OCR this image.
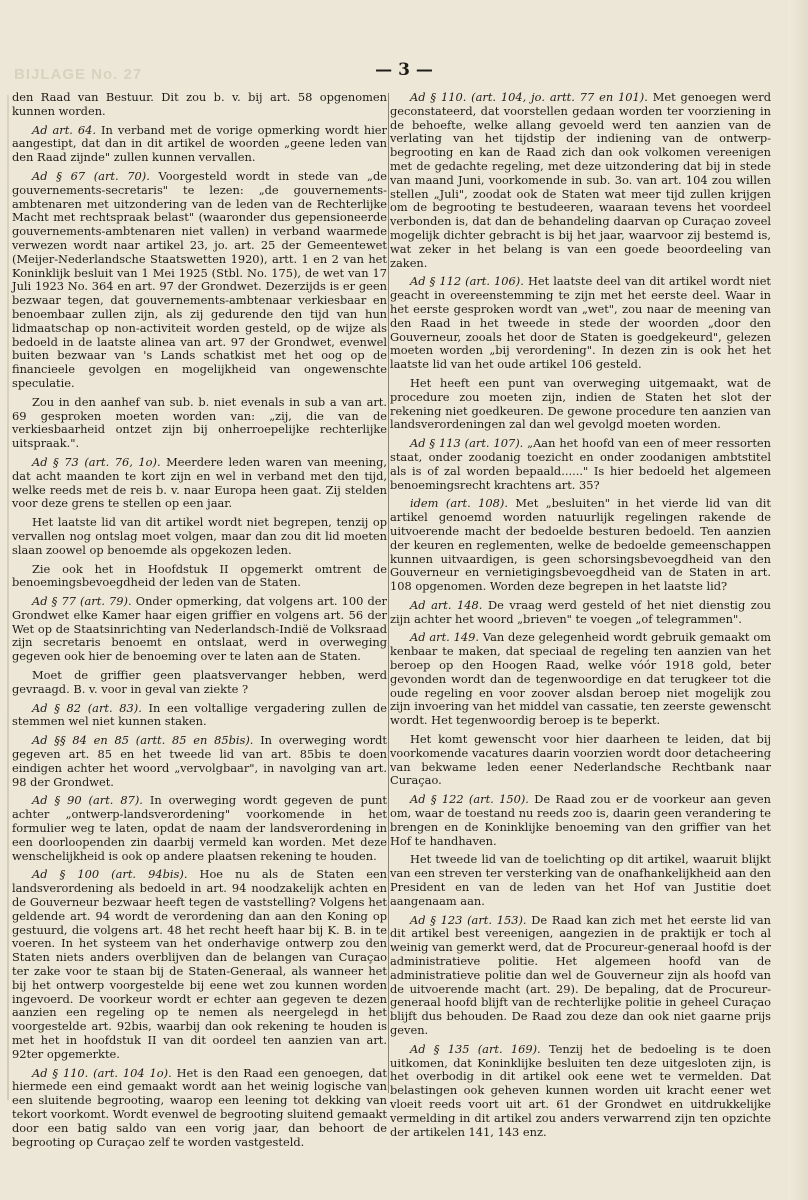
BIJLAGE No. 27	— 3 —

den Raad van Bestuur. Dit zou b. v. bij art. 58 opgenomen kunnen worden.

Ad art. 64. In verband met de vorige opmerking wordt hier aangestipt, dat dan in dit artikel de woorden „geene leden van den Raad zijnde" zullen kunnen vervallen.

Ad § 67 (art. 70). Voorgesteld wordt in stede van „de gouvernements-secretaris" te lezen: „de gouvernements-ambtenaren met uitzondering van de leden van de Rechterlijke Macht met rechtspraak belast" (waaronder dus gepensioneerde gouvernements-ambtenaren niet vallen) in verband waarmede verwezen wordt naar artikel 23, jo. art. 25 der Gemeentewet (Meijer-Nederlandsche Staatswetten 1920), artt. 1 en 2 van het Koninklijk besluit van 1 Mei 1925 (Stbl. No. 175), de wet van 17 Juli 1923 No. 364 en art. 97 der Grondwet. Dezerzijds is er geen bezwaar tegen, dat gouvernements-ambtenaar verkiesbaar en benoembaar zullen zijn, als zij gedurende den tijd van hun lidmaatschap op non-activiteit worden gesteld, op de wijze als bedoeld in de laatste alinea van art. 97 der Grondwet, evenwel buiten bezwaar van 's Lands schatkist met het oog op de financieele gevolgen en mogelijkheid van ongewenschte speculatie.

Zou in den aanhef van sub. b. niet evenals in sub a van art. 69 gesproken moeten worden van: „zij, die van de verkiesbaarheid ontzet zijn bij onherroepelijke rechterlijke uitspraak.".

Ad § 73 (art. 76, 1o). Meerdere leden waren van meening, dat acht maanden te kort zijn en wel in verband met den tijd, welke reeds met de reis b. v. naar Europa heen gaat. Zij stelden voor deze grens te stellen op een jaar.

Het laatste lid van dit artikel wordt niet begrepen, tenzij op vervallen nog ontslag moet volgen, maar dan zou dit lid moeten slaan zoowel op benoemde als opgekozen leden.

Zie ook het in Hoofdstuk II opgemerkt omtrent de benoemingsbevoegdheid der leden van de Staten.

Ad § 77 (art. 79). Onder opmerking, dat volgens art. 100 der Grondwet elke Kamer haar eigen griffier en volgens art. 56 der Wet op de Staatsinrichting van Nederlandsch-Indië de Volksraad zijn secretaris benoemt en ontslaat, werd in overweging gegeven ook hier de benoeming over te laten aan de Staten.

Moet de griffier geen plaatsvervanger hebben, werd gevraagd. B. v. voor in geval van ziekte ?

Ad § 82 (art. 83). In een voltallige vergadering zullen de stemmen wel niet kunnen staken.

Ad §§ 84 en 85 (artt. 85 en 85bis). In overweging wordt gegeven art. 85 en het tweede lid van art. 85bis te doen eindigen achter het woord „vervolgbaar", in navolging van art. 98 der Grondwet.

Ad § 90 (art. 87). In overweging wordt gegeven de punt achter „ontwerp-landsverordening" voorkomende in het formulier weg te laten, opdat de naam der landsverordening in een doorloopenden zin daarbij vermeld kan worden. Met deze wenschelijkheid is ook op andere plaatsen rekening te houden.

Ad § 100 (art. 94bis). Hoe nu als de Staten een landsverordening als bedoeld in art. 94 noodzakelijk achten en de Gouverneur bezwaar heeft tegen de vaststelling? Volgens het geldende art. 94 wordt de verordening dan aan den Koning op gestuurd, die volgens art. 48 het recht heeft haar bij K. B. in te voeren. In het systeem van het onderhavige ontwerp zou den Staten niets anders overblijven dan de belangen van Curaçao ter zake voor te staan bij de Staten-Generaal, als wanneer het bij het ontwerp voorgestelde bij eene wet zou kunnen worden ingevoerd. De voorkeur wordt er echter aan gegeven te dezen aanzien een regeling op te nemen als neergelegd in het voorgestelde art. 92bis, waarbij dan ook rekening te houden is met het in hoofdstuk II van dit oordeel ten aanzien van art. 92ter opgemerkte.

Ad § 110. (art. 104 1o). Het is den Raad een genoegen, dat hiermede een eind gemaakt wordt aan het weinig logische van een sluitende begrooting, waarop een leening tot dekking van tekort voorkomt. Wordt evenwel de begrooting sluitend gemaakt door een batig saldo van een vorig jaar, dan behoort de begrooting op Curaçao zelf te worden vastgesteld.

Ad § 110. (art. 104, jo. artt. 77 en 101). Met genoegen werd geconstateerd, dat voorstellen gedaan worden ter voorziening in de behoefte, welke allang gevoeld werd ten aanzien van de verlating van het tijdstip der indiening van de ontwerp-begrooting en kan de Raad zich dan ook volkomen vereenigen met de gedachte regeling, met deze uitzondering dat bij in stede van maand Juni, voorkomende in sub. 3o. van art. 104 zou willen stellen „Juli", zoodat ook de Staten wat meer tijd zullen krijgen om de begrooting te bestudeeren, waaraan tevens het voordeel verbonden is, dat dan de behandeling daarvan op Curaçao zoveel mogelijk dichter gebracht is bij het jaar, waarvoor zij bestemd is, wat zeker in het belang is van een goede beoordeeling van zaken.

Ad § 112 (art. 106). Het laatste deel van dit artikel wordt niet geacht in overeenstemming te zijn met het eerste deel. Waar in het eerste gesproken wordt van „wet", zou naar de meening van den Raad in het tweede in stede der woorden „door den Gouverneur, zooals het door de Staten is goedgekeurd", gelezen moeten worden „bij verordening". In dezen zin is ook het het laatste lid van het oude artikel 106 gesteld.

Het heeft een punt van overweging uitgemaakt, wat de procedure zou moeten zijn, indien de Staten het slot der rekening niet goedkeuren. De gewone procedure ten aanzien van landsverordeningen zal dan wel gevolgd moeten worden.

Ad § 113 (art. 107). „Aan het hoofd van een of meer ressorten staat, onder zoodanig toezicht en onder zoodanigen ambtstitel als is of zal worden bepaald......" Is hier bedoeld het algemeen benoemingsrecht krachtens art. 35?

idem (art. 108). Met „besluiten" in het vierde lid van dit artikel genoemd worden natuurlijk regelingen rakende de uitvoerende macht der bedoelde besturen bedoeld. Ten aanzien der keuren en reglementen, welke de bedoelde gemeenschappen kunnen uitvaardigen, is geen schorsingsbevoegdheid van den Gouverneur en vernietigingsbevoegdheid van de Staten in art. 108 opgenomen. Worden deze begrepen in het laatste lid?

Ad art. 148. De vraag werd gesteld of het niet dienstig zou zijn achter het woord „brieven" te voegen „of telegrammen".

Ad art. 149. Van deze gelegenheid wordt gebruik gemaakt om kenbaar te maken, dat speciaal de regeling ten aanzien van het beroep op den Hoogen Raad, welke vóór 1918 gold, beter gevonden wordt dan de tegenwoordige en dat terugkeer tot die oude regeling en voor zoover alsdan beroep niet mogelijk zou zijn invoering van het middel van cassatie, ten zeerste gewenscht wordt. Het tegenwoordig beroep is te beperkt.

Het komt gewenscht voor hier daarheen te leiden, dat bij voorkomende vacatures daarin voorzien wordt door detacheering van bekwame leden eener Nederlandsche Rechtbank naar Curaçao.

Ad § 122 (art. 150). De Raad zou er de voorkeur aan geven om, waar de toestand nu reeds zoo is, daarin geen verandering te brengen en de Koninklijke benoeming van den griffier van het Hof te handhaven.

Het tweede lid van de toelichting op dit artikel, waaruit blijkt van een streven ter versterking van de onafhankelijkheid aan den President en van de leden van het Hof van Justitie doet aangenaam aan.

Ad § 123 (art. 153). De Raad kan zich met het eerste lid van dit artikel best vereenigen, aangezien in de praktijk er toch al weinig van gemerkt werd, dat de Procureur-generaal hoofd is der administratieve politie. Het algemeen hoofd van de administratieve politie dan wel de Gouverneur zijn als hoofd van de uitvoerende macht (art. 29). De bepaling, dat de Procureur-generaal hoofd blijft van de rechterlijke politie in geheel Curaçao blijft dus behouden. De Raad zou deze dan ook niet gaarne prijs geven.

Ad § 135 (art. 169). Tenzij het de bedoeling is te doen uitkomen, dat Koninklijke besluiten ten deze uitgesloten zijn, is het overbodig in dit artikel ook eene wet te vermelden. Dat belastingen ook geheven kunnen worden uit kracht eener wet vloeit reeds voort uit art. 61 der Grondwet en uitdrukkelijke vermelding in dit artikel zou anders verwarrend zijn ten opzichte der artikelen 141, 143 enz.
